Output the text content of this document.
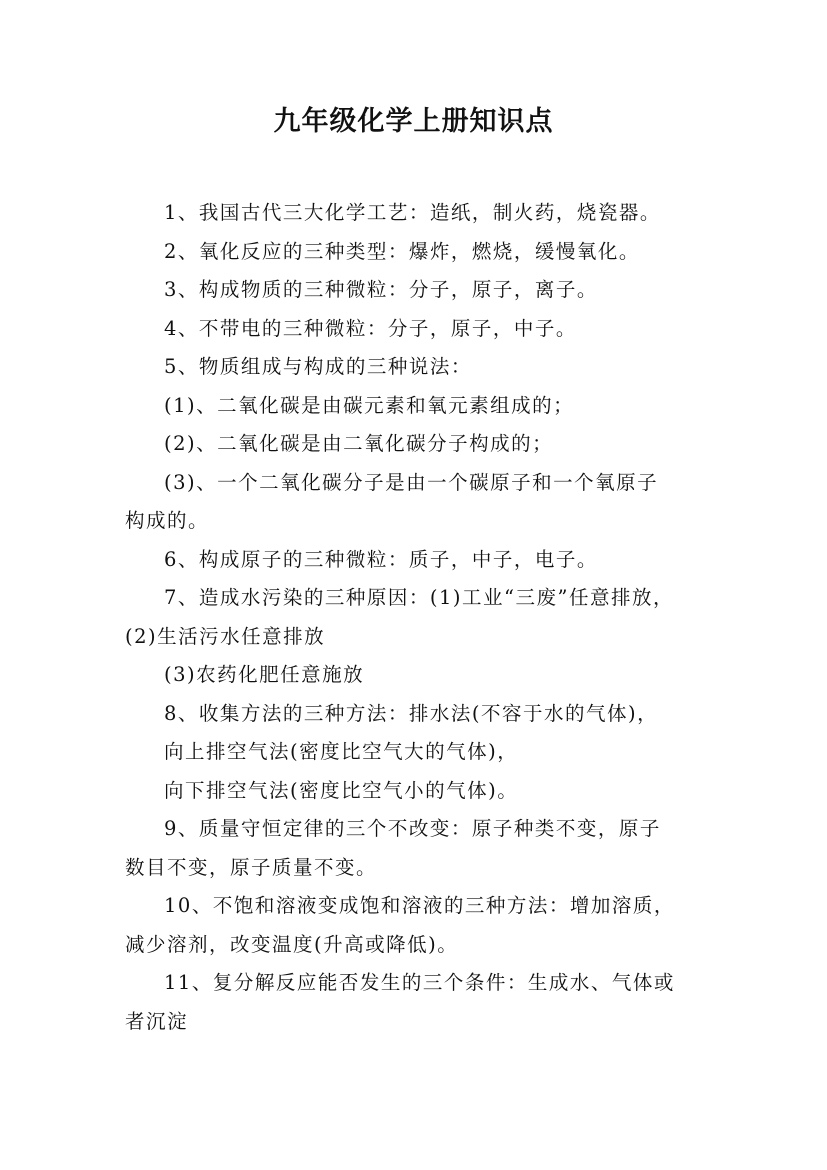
九年级化学上册知识点

1、我国古代三大化学工艺：造纸，制火药，烧瓷器。

2、氧化反应的三种类型：爆炸，燃烧，缓慢氧化。

3、构成物质的三种微粒：分子，原子，离子。

4、不带电的三种微粒：分子，原子，中子。

5、物质组成与构成的三种说法：

(1)、二氧化碳是由碳元素和氧元素组成的；

(2)、二氧化碳是由二氧化碳分子构成的；

(3)、一个二氧化碳分子是由一个碳原子和一个氧原子

构成的。

6、构成原子的三种微粒：质子，中子，电子。

7、造成水污染的三种原因：(1)工业“三废”任意排放，

(2)生活污水任意排放

(3)农药化肥任意施放

8、收集方法的三种方法：排水法(不容于水的气体)，

向上排空气法(密度比空气大的气体)，

向下排空气法(密度比空气小的气体)。

9、质量守恒定律的三个不改变：原子种类不变，原子

数目不变，原子质量不变。

10、不饱和溶液变成饱和溶液的三种方法：增加溶质，

减少溶剂，改变温度(升高或降低)。

11、复分解反应能否发生的三个条件：生成水、气体或

者沉淀
